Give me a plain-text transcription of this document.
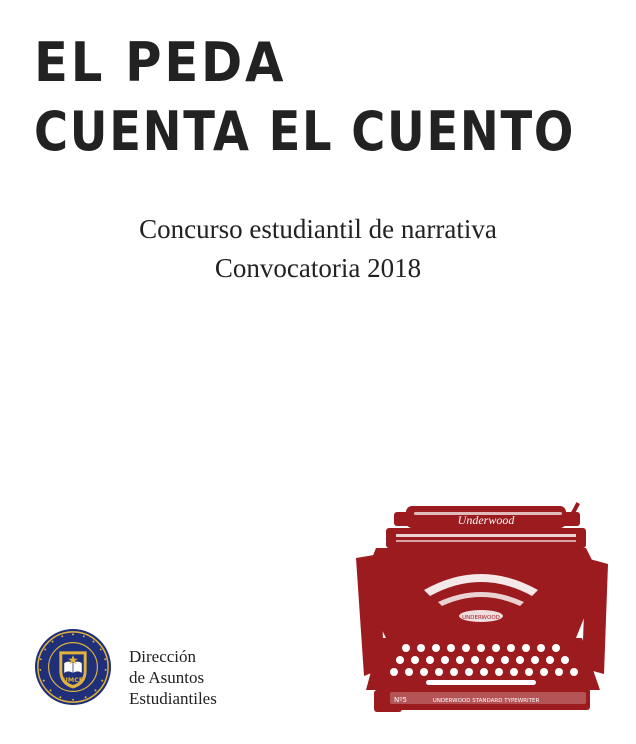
EL PEDA
CUENTA EL CUENTO

Concurso estudiantil de narrativa

Convocatoria 2018

Underwood
UNDERWOOD
Nº5	UNDERWOOD STANDARD TYPEWRITER
UMCE
Dirección
de Asuntos
Estudiantiles
